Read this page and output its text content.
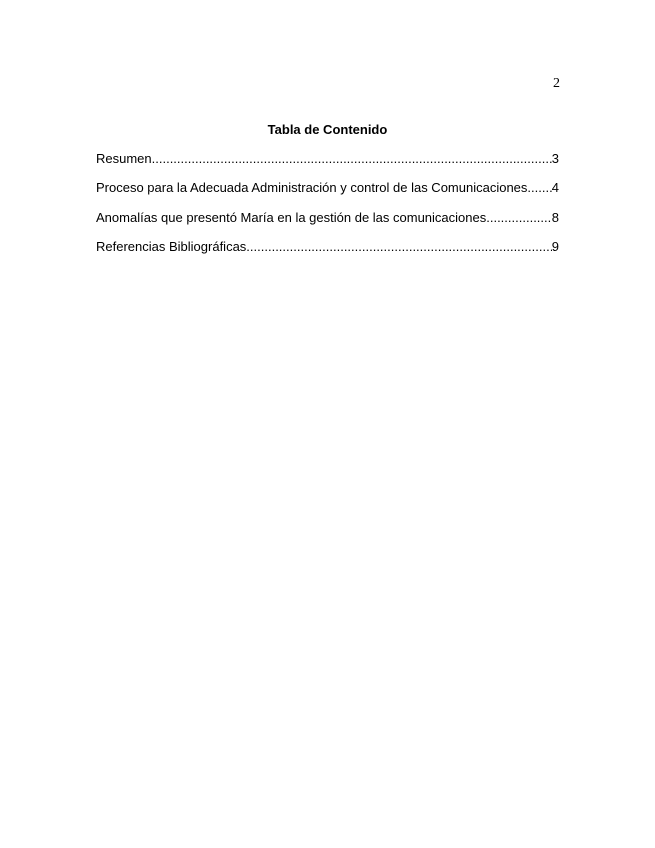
2
Tabla de Contenido
Resumen .....	3
Proceso para la Adecuada Administración y control de las Comunicaciones ..... 4
Anomalías que presentó María en la gestión de las comunicaciones .....	8
Referencias Bibliográficas .....	9
